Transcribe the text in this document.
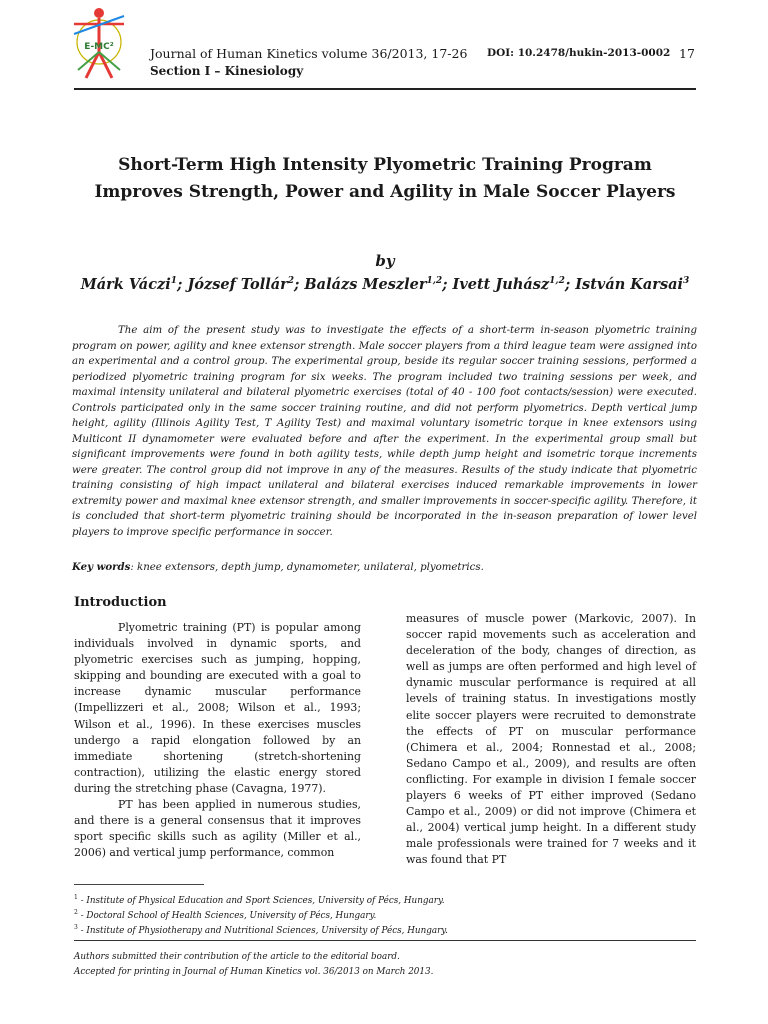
E-MC²	Journal of Human Kinetics volume 36/2013, 17-26 DOI: 10.2478/hukin-2013-0002 17
Section I – Kinesiology
Short-Term High Intensity Plyometric Training Program
Improves Strength, Power and Agility in Male Soccer Players
by
Márk Váczi$^1$; József Tollár$^2$; Balázs Meszler$^{1,2}$; Ivett Juhász$^{1,2}$; István Karsai$^3$

The aim of the present study was to investigate the effects of a short-term in-season plyometric training program on power, agility and knee extensor strength. Male soccer players from a third league team were assigned into an experimental and a control group. The experimental group, beside its regular soccer training sessions, performed a periodized plyometric training program for six weeks. The program included two training sessions per week, and maximal intensity unilateral and bilateral plyometric exercises (total of 40 - 100 foot contacts/session) were executed. Controls participated only in the same soccer training routine, and did not perform plyometrics. Depth vertical jump height, agility (Illinois Agility Test, T Agility Test) and maximal voluntary isometric torque in knee extensors using Multicont II dynamometer were evaluated before and after the experiment. In the experimental group small but significant improvements were found in both agility tests, while depth jump height and isometric torque increments were greater. The control group did not improve in any of the measures. Results of the study indicate that plyometric training consisting of high impact unilateral and bilateral exercises induced remarkable improvements in lower extremity power and maximal knee extensor strength, and smaller improvements in soccer-specific agility. Therefore, it is concluded that short-term plyometric training should be incorporated in the in-season preparation of lower level players to improve specific performance in soccer.

Key words: knee extensors, depth jump, dynamometer, unilateral, plyometrics.

Introduction

Plyometric training (PT) is popular among individuals involved in dynamic sports, and plyometric exercises such as jumping, hopping, skipping and bounding are executed with a goal to increase dynamic muscular performance (Impellizzeri et al., 2008; Wilson et al., 1993; Wilson et al., 1996). In these exercises muscles undergo a rapid elongation followed by an immediate shortening (stretch-shortening contraction), utilizing the elastic energy stored during the stretching phase (Cavagna, 1977).

PT has been applied in numerous studies, and there is a general consensus that it improves sport specific skills such as agility (Miller et al., 2006) and vertical jump performance, common

measures of muscle power (Markovic, 2007). In soccer rapid movements such as acceleration and deceleration of the body, changes of direction, as well as jumps are often performed and high level of dynamic muscular performance is required at all levels of training status. In investigations mostly elite soccer players were recruited to demonstrate the effects of PT on muscular performance (Chimera et al., 2004; Ronnestad et al., 2008; Sedano Campo et al., 2009), and results are often conflicting. For example in division I female soccer players 6 weeks of PT either improved (Sedano Campo et al., 2009) or did not improve (Chimera et al., 2004) vertical jump height. In a different study male professionals were trained for 7 weeks and it was found that PT

$^1$ - Institute of Physical Education and Sport Sciences, University of Pécs, Hungary.
$^2$ - Doctoral School of Health Sciences, University of Pécs, Hungary.
$^3$ - Institute of Physiotherapy and Nutritional Sciences, University of Pécs, Hungary.
Authors submitted their contribution of the article to the editorial board.
Accepted for printing in Journal of Human Kinetics vol. 36/2013 on March 2013.
